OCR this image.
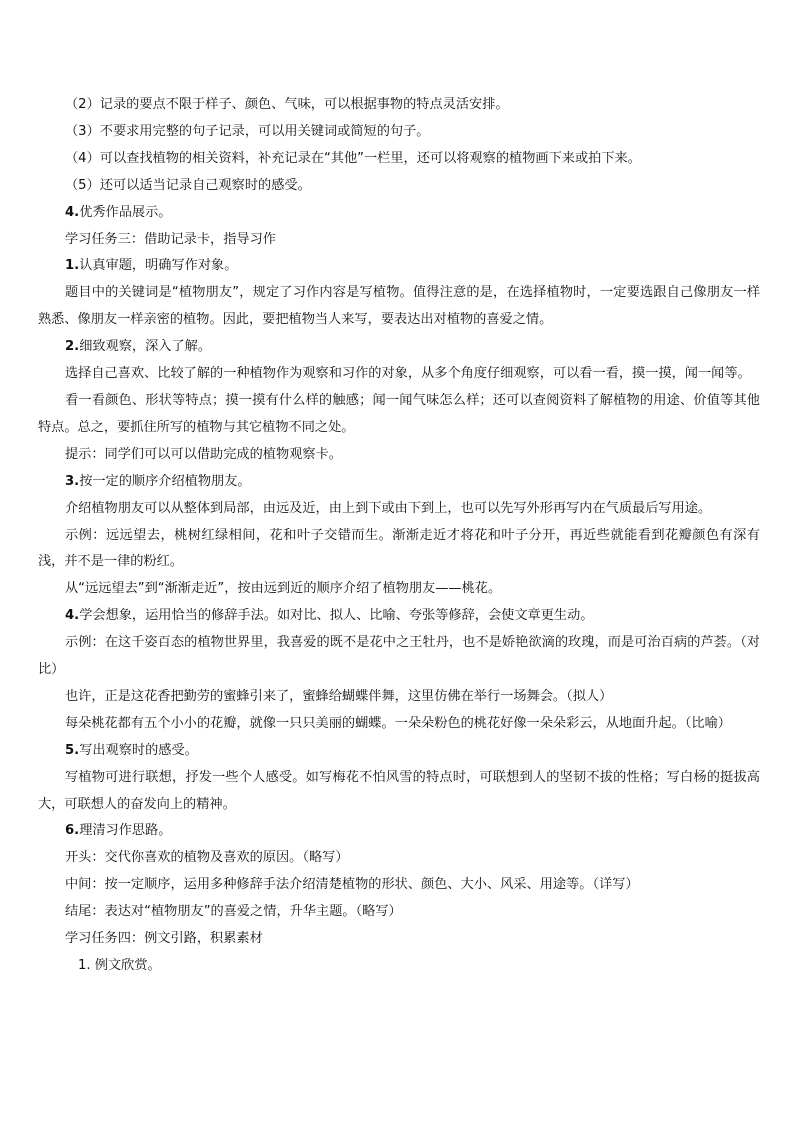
（2）记录的要点不限于样子、颜色、气味，可以根据事物的特点灵活安排。

（3）不要求用完整的句子记录，可以用关键词或简短的句子。

（4）可以查找植物的相关资料，补充记录在“其他”一栏里，还可以将观察的植物画下来或拍下来。

（5）还可以适当记录自己观察时的感受。

4.优秀作品展示。

学习任务三：借助记录卡，指导习作

1.认真审题，明确写作对象。

题目中的关键词是“植物朋友”，规定了习作内容是写植物。值得注意的是，在选择植物时，一定要选跟自己像朋友一样熟悉、像朋友一样亲密的植物。因此，要把植物当人来写，要表达出对植物的喜爱之情。

2.细致观察，深入了解。

选择自己喜欢、比较了解的一种植物作为观察和习作的对象，从多个角度仔细观察，可以看一看，摸一摸，闻一闻等。

看一看颜色、形状等特点；摸一摸有什么样的触感；闻一闻气味怎么样；还可以查阅资料了解植物的用途、价值等其他特点。总之，要抓住所写的植物与其它植物不同之处。

提示：同学们可以可以借助完成的植物观察卡。

3.按一定的顺序介绍植物朋友。

介绍植物朋友可以从整体到局部，由远及近，由上到下或由下到上，也可以先写外形再写内在气质最后写用途。

示例：远远望去，桃树红绿相间，花和叶子交错而生。渐渐走近才将花和叶子分开，再近些就能看到花瓣颜色有深有浅，并不是一律的粉红。

从“远远望去”到“渐渐走近”，按由远到近的顺序介绍了植物朋友——桃花。

4.学会想象，运用恰当的修辞手法。如对比、拟人、比喻、夸张等修辞，会使文章更生动。

示例：在这千姿百态的植物世界里，我喜爱的既不是花中之王牡丹，也不是娇艳欲滴的玫瑰，而是可治百病的芦荟。（对比）

也许，正是这花香把勤劳的蜜蜂引来了，蜜蜂给蝴蝶伴舞，这里仿佛在举行一场舞会。（拟人）

每朵桃花都有五个小小的花瓣，就像一只只美丽的蝴蝶。一朵朵粉色的桃花好像一朵朵彩云，从地面升起。（比喻）

5.写出观察时的感受。

写植物可进行联想，抒发一些个人感受。如写梅花不怕风雪的特点时，可联想到人的坚韧不拔的性格；写白杨的挺拔高大，可联想人的奋发向上的精神。

6.理清习作思路。

开头：交代你喜欢的植物及喜欢的原因。（略写）

中间：按一定顺序，运用多种修辞手法介绍清楚植物的形状、颜色、大小、风采、用途等。（详写）

结尾：表达对“植物朋友”的喜爱之情，升华主题。（略写）

学习任务四：例文引路，积累素材

1. 例文欣赏。
